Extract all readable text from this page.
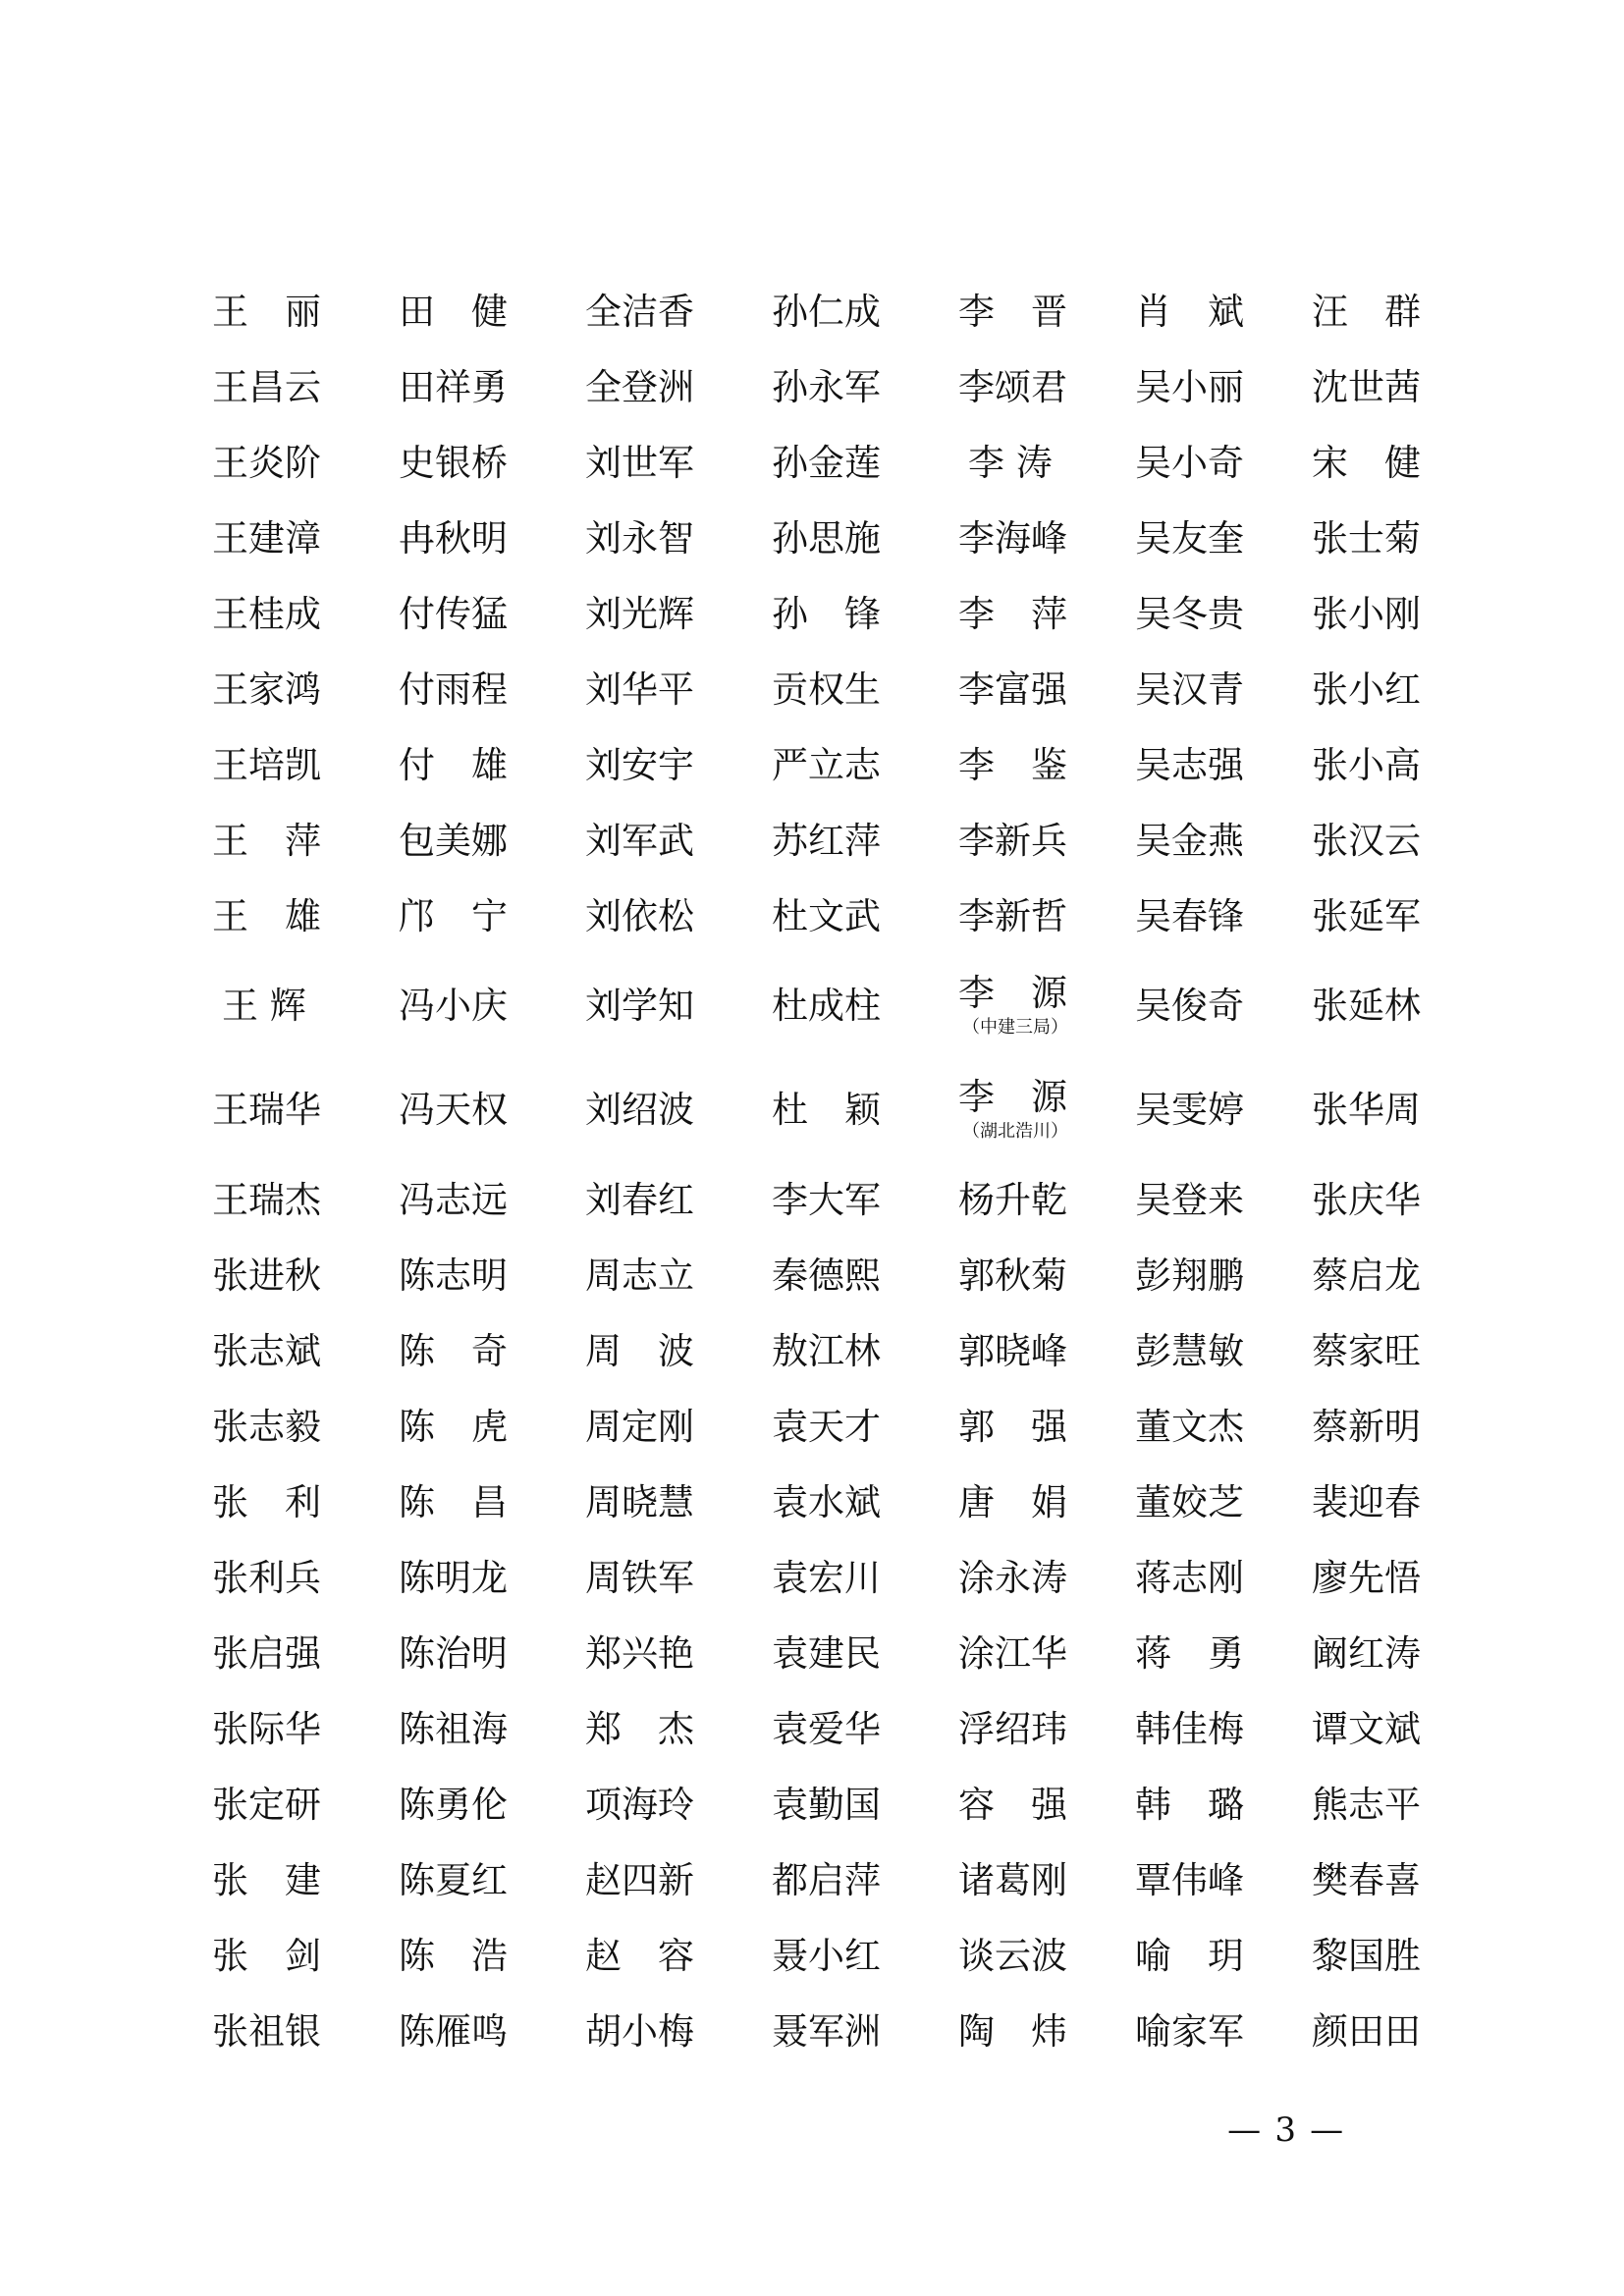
王　丽
王昌云
王炎阶
王建漳
王桂成
王家鸿
王培凯
王　萍
王　雄
王 辉
王瑞华
王瑞杰
张进秋
张志斌
张志毅
张　利
张利兵
张启强
张际华
张定研
张　建
张　剑
张祖银
田　健
田祥勇
史银桥
冉秋明
付传猛
付雨程
付　雄
包美娜
邝　宁
冯小庆
冯天权
冯志远
陈志明
陈　奇
陈　虎
陈　昌
陈明龙
陈治明
陈祖海
陈勇伦
陈夏红
陈　浩
陈雁鸣
全洁香
全登洲
刘世军
刘永智
刘光辉
刘华平
刘安宇
刘军武
刘依松
刘学知
刘绍波
刘春红
周志立
周　波
周定刚
周晓慧
周铁军
郑兴艳
郑　杰
项海玲
赵四新
赵　容
胡小梅
孙仁成
孙永军
孙金莲
孙思施
孙　锋
贡权生
严立志
苏红萍
杜文武
杜成柱
杜　颖
李大军
秦德熙
敖江林
袁天才
袁水斌
袁宏川
袁建民
袁爱华
袁勤国
都启萍
聂小红
聂军洲
李　晋
李颂君
李 涛
李海峰
李　萍
李富强
李　鉴
李新兵
李新哲
李　源
（中建三局）
李　源
（湖北浩川）
杨升乾
郭秋菊
郭晓峰
郭　强
唐　娟
涂永涛
涂江华
浮绍玮
容　强
诸葛刚
谈云波
陶　炜
肖　斌
吴小丽
吴小奇
吴友奎
吴冬贵
吴汉青
吴志强
吴金燕
吴春锋
吴俊奇
吴雯婷
吴登来
彭翔鹏
彭慧敏
董文杰
董姣芝
蒋志刚
蒋　勇
韩佳梅
韩　璐
覃伟峰
喻　玥
喻家军
汪　群
沈世茜
宋　健
张士菊
张小刚
张小红
张小高
张汉云
张延军
张延林
张华周
张庆华
蔡启龙
蔡家旺
蔡新明
裴迎春
廖先悟
阚红涛
谭文斌
熊志平
樊春喜
黎国胜
颜田田
— 3 —
